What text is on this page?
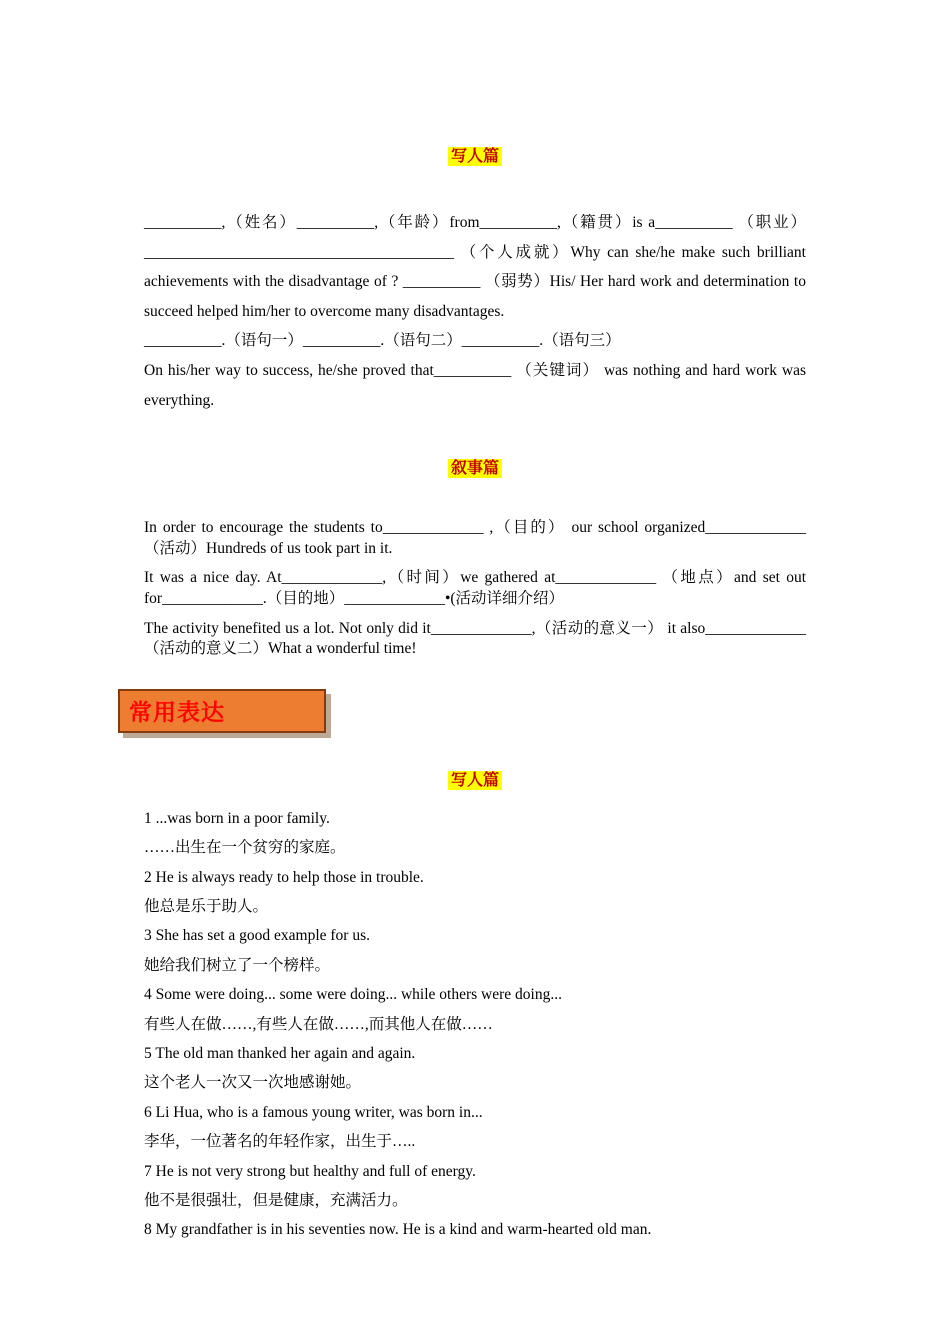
写人篇

__________,（姓名）__________,（年龄）from__________,（籍贯）is a__________ （职业）________________________________________ （个人成就）Why can she/he make such brilliant achievements with the disadvantage of ? __________ （弱势）His/ Her hard work and determination to succeed helped him/her to overcome many disadvantages.

__________.（语句一）__________.（语句二）__________.（语句三）

On his/her way to success, he/she proved that__________ （关键词） was nothing and hard work was everything.

叙事篇

In order to encourage the students to_____________ ,（目的） our school organized_____________ （活动）Hundreds of us took part in it.

It was a nice day. At_____________,（时间）we gathered at_____________ （地点）and set out for_____________.（目的地）_____________•(活动详细介绍）

The activity benefited us a lot. Not only did it_____________,（活动的意义一） it also_____________ （活动的意义二）What a wonderful time!

常用表达
写人篇

1 ...was born in a poor family.

……出生在一个贫穷的家庭。

2 He is always ready to help those in trouble.

他总是乐于助人。

3 She has set a good example for us.

她给我们树立了一个榜样。

4 Some were doing... some were doing... while others were doing...

有些人在做……,有些人在做……,而其他人在做……

5 The old man thanked her again and again.

这个老人一次又一次地感谢她。

6 Li Hua, who is a famous young writer, was born in...

李华，一位著名的年轻作家，出生于…..

7 He is not very strong but healthy and full of energy.

他不是很强壮，但是健康，充满活力。

8 My grandfather is in his seventies now. He is a kind and warm-hearted old man.
